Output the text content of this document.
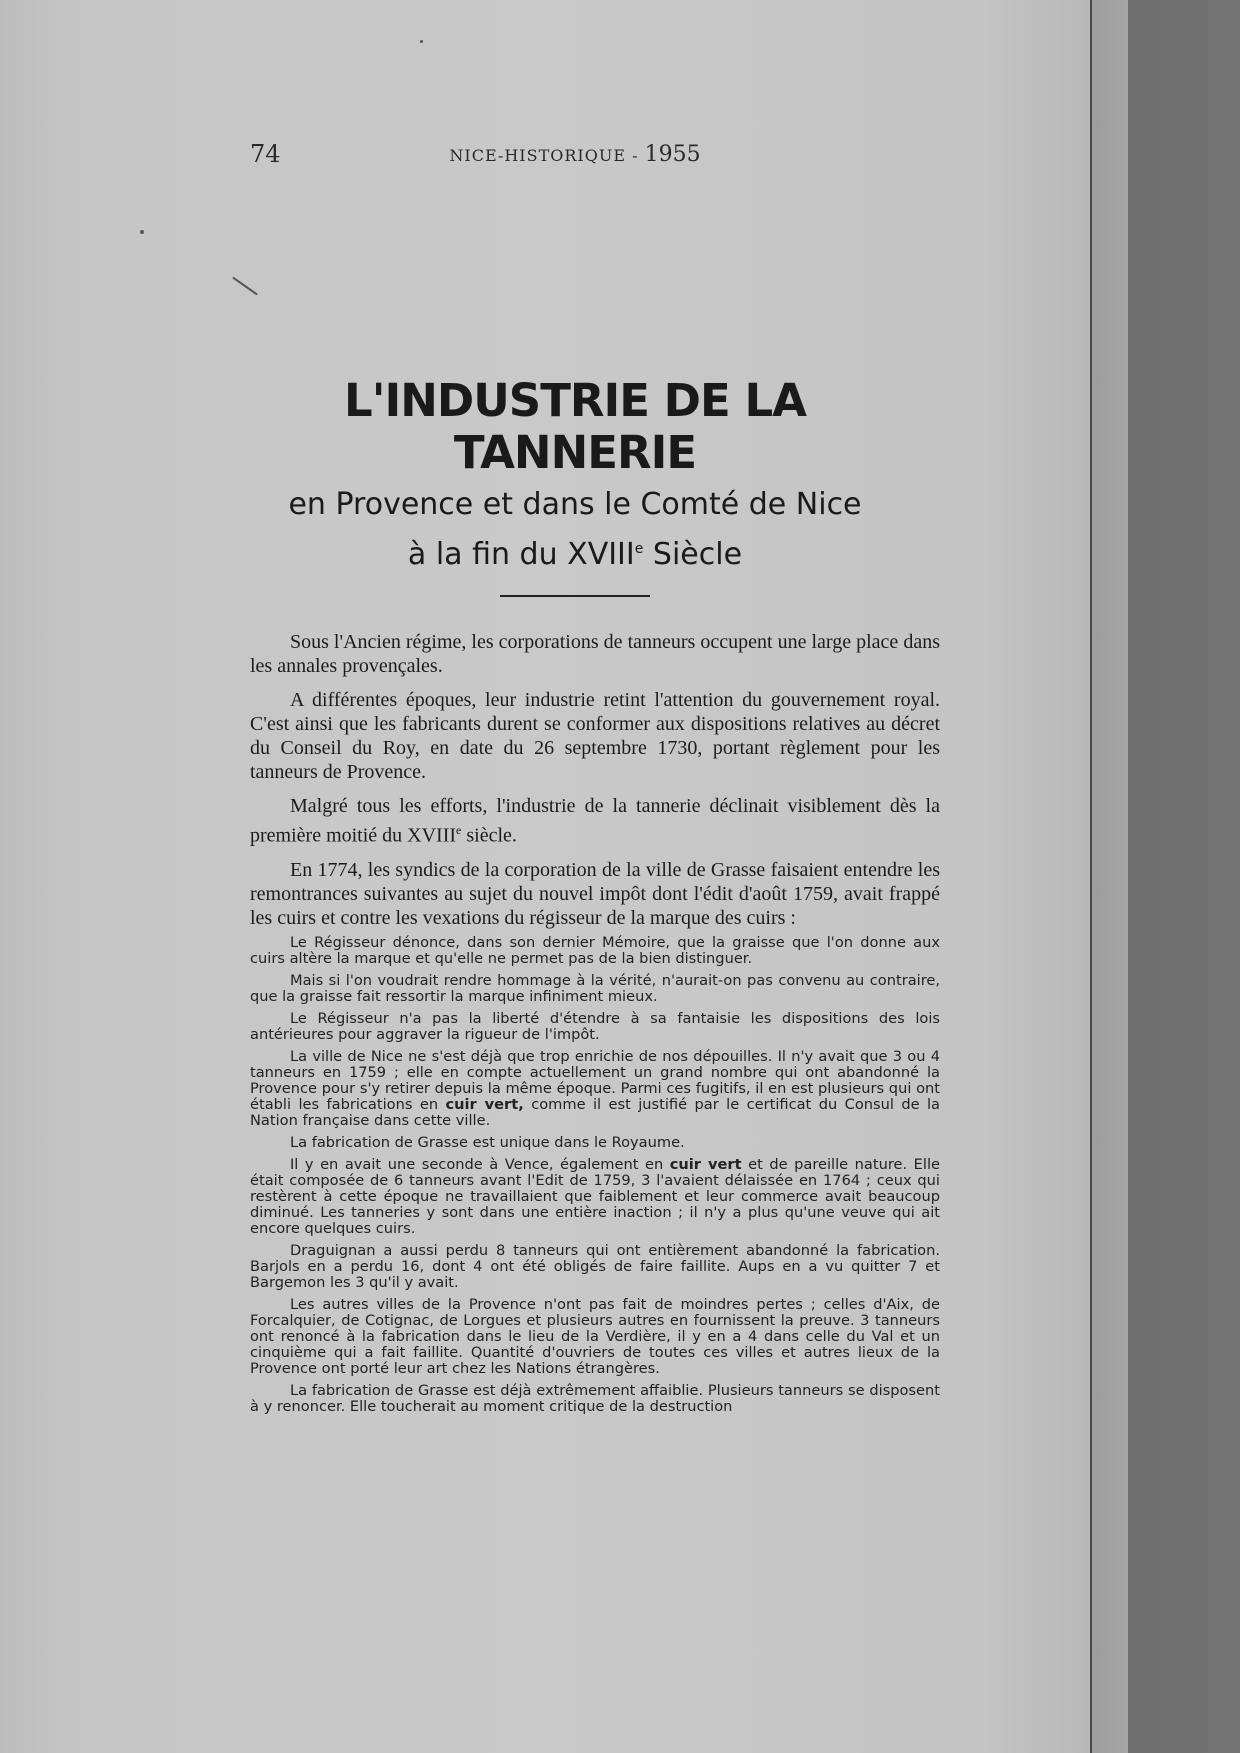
74	NICE-HISTORIQUE - 1955
L'INDUSTRIE DE LA TANNERIE

en Provence et dans le Comté de Nice

à la fin du XVIIIe Siècle

Sous l'Ancien régime, les corporations de tanneurs occupent une large place dans les annales provençales.

A différentes époques, leur industrie retint l'attention du gouvernement royal. C'est ainsi que les fabricants durent se conformer aux dispositions relatives au décret du Conseil du Roy, en date du 26 septembre 1730, portant règlement pour les tanneurs de Provence.

Malgré tous les efforts, l'industrie de la tannerie déclinait visiblement dès la première moitié du XVIIIe siècle.

En 1774, les syndics de la corporation de la ville de Grasse faisaient entendre les remontrances suivantes au sujet du nouvel impôt dont l'édit d'août 1759, avait frappé les cuirs et contre les vexations du régisseur de la marque des cuirs :

Le Régisseur dénonce, dans son dernier Mémoire, que la graisse que l'on donne aux cuirs altère la marque et qu'elle ne permet pas de la bien distinguer.

Mais si l'on voudrait rendre hommage à la vérité, n'aurait-on pas convenu au contraire, que la graisse fait ressortir la marque infiniment mieux.

Le Régisseur n'a pas la liberté d'étendre à sa fantaisie les dispositions des lois antérieures pour aggraver la rigueur de l'impôt.

La ville de Nice ne s'est déjà que trop enrichie de nos dépouilles. Il n'y avait que 3 ou 4 tanneurs en 1759 ; elle en compte actuellement un grand nombre qui ont abandonné la Provence pour s'y retirer depuis la même époque. Parmi ces fugitifs, il en est plusieurs qui ont établi les fabrications en cuir vert, comme il est justifié par le certificat du Consul de la Nation française dans cette ville.

La fabrication de Grasse est unique dans le Royaume.

Il y en avait une seconde à Vence, également en cuir vert et de pareille nature. Elle était composée de 6 tanneurs avant l'Edit de 1759, 3 l'avaient délaissée en 1764 ; ceux qui restèrent à cette époque ne travaillaient que faiblement et leur commerce avait beaucoup diminué. Les tanneries y sont dans une entière inaction ; il n'y a plus qu'une veuve qui ait encore quelques cuirs.

Draguignan a aussi perdu 8 tanneurs qui ont entièrement abandonné la fabrication. Barjols en a perdu 16, dont 4 ont été obligés de faire faillite. Aups en a vu quitter 7 et Bargemon les 3 qu'il y avait.

Les autres villes de la Provence n'ont pas fait de moindres pertes ; celles d'Aix, de Forcalquier, de Cotignac, de Lorgues et plusieurs autres en fournissent la preuve. 3 tanneurs ont renoncé à la fabrication dans le lieu de la Verdière, il y en a 4 dans celle du Val et un cinquième qui a fait faillite. Quantité d'ouvriers de toutes ces villes et autres lieux de la Provence ont porté leur art chez les Nations étrangères.

La fabrication de Grasse est déjà extrêmement affaiblie. Plusieurs tanneurs se disposent à y renoncer. Elle toucherait au moment critique de la destruction
